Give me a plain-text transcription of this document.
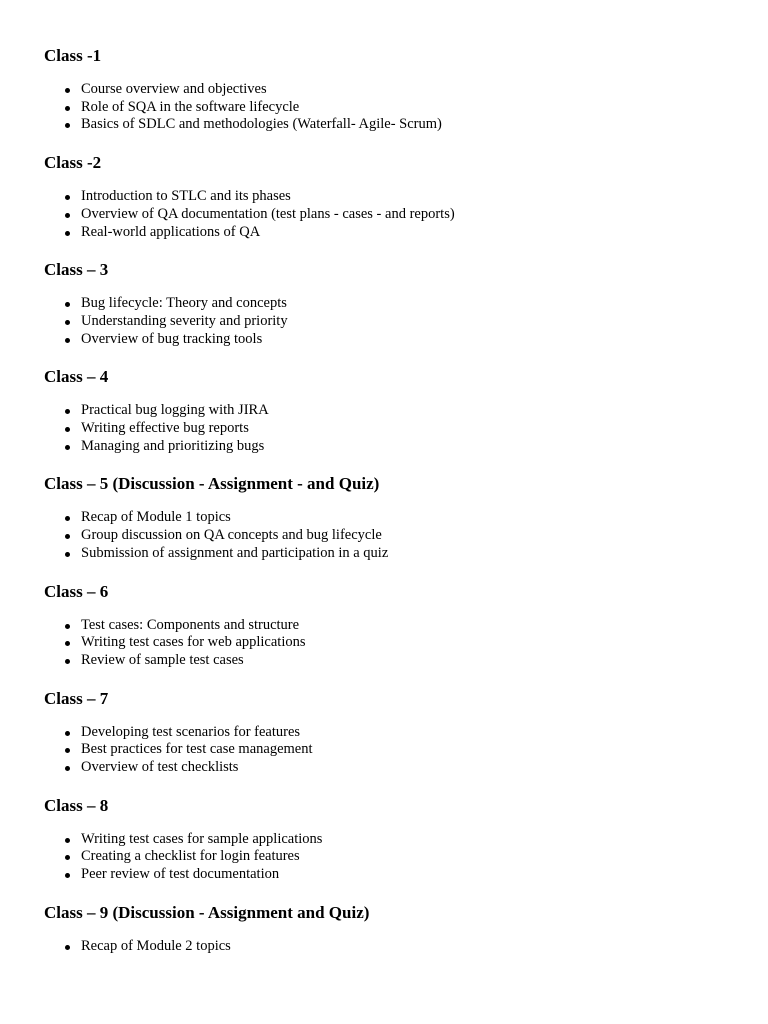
Class -1
Course overview and objectives
Role of SQA in the software lifecycle
Basics of SDLC and methodologies (Waterfall- Agile- Scrum)
Class -2
Introduction to STLC and its phases
Overview of QA documentation (test plans - cases - and reports)
Real-world applications of QA
Class – 3
Bug lifecycle: Theory and concepts
Understanding severity and priority
Overview of bug tracking tools
Class – 4
Practical bug logging with JIRA
Writing effective bug reports
Managing and prioritizing bugs
Class – 5 (Discussion - Assignment - and Quiz)
Recap of Module 1 topics
Group discussion on QA concepts and bug lifecycle
Submission of assignment and participation in a quiz
Class – 6
Test cases: Components and structure
Writing test cases for web applications
Review of sample test cases
Class – 7
Developing test scenarios for features
Best practices for test case management
Overview of test checklists
Class – 8
Writing test cases for sample applications
Creating a checklist for login features
Peer review of test documentation
Class – 9 (Discussion - Assignment and Quiz)
Recap of Module 2 topics
